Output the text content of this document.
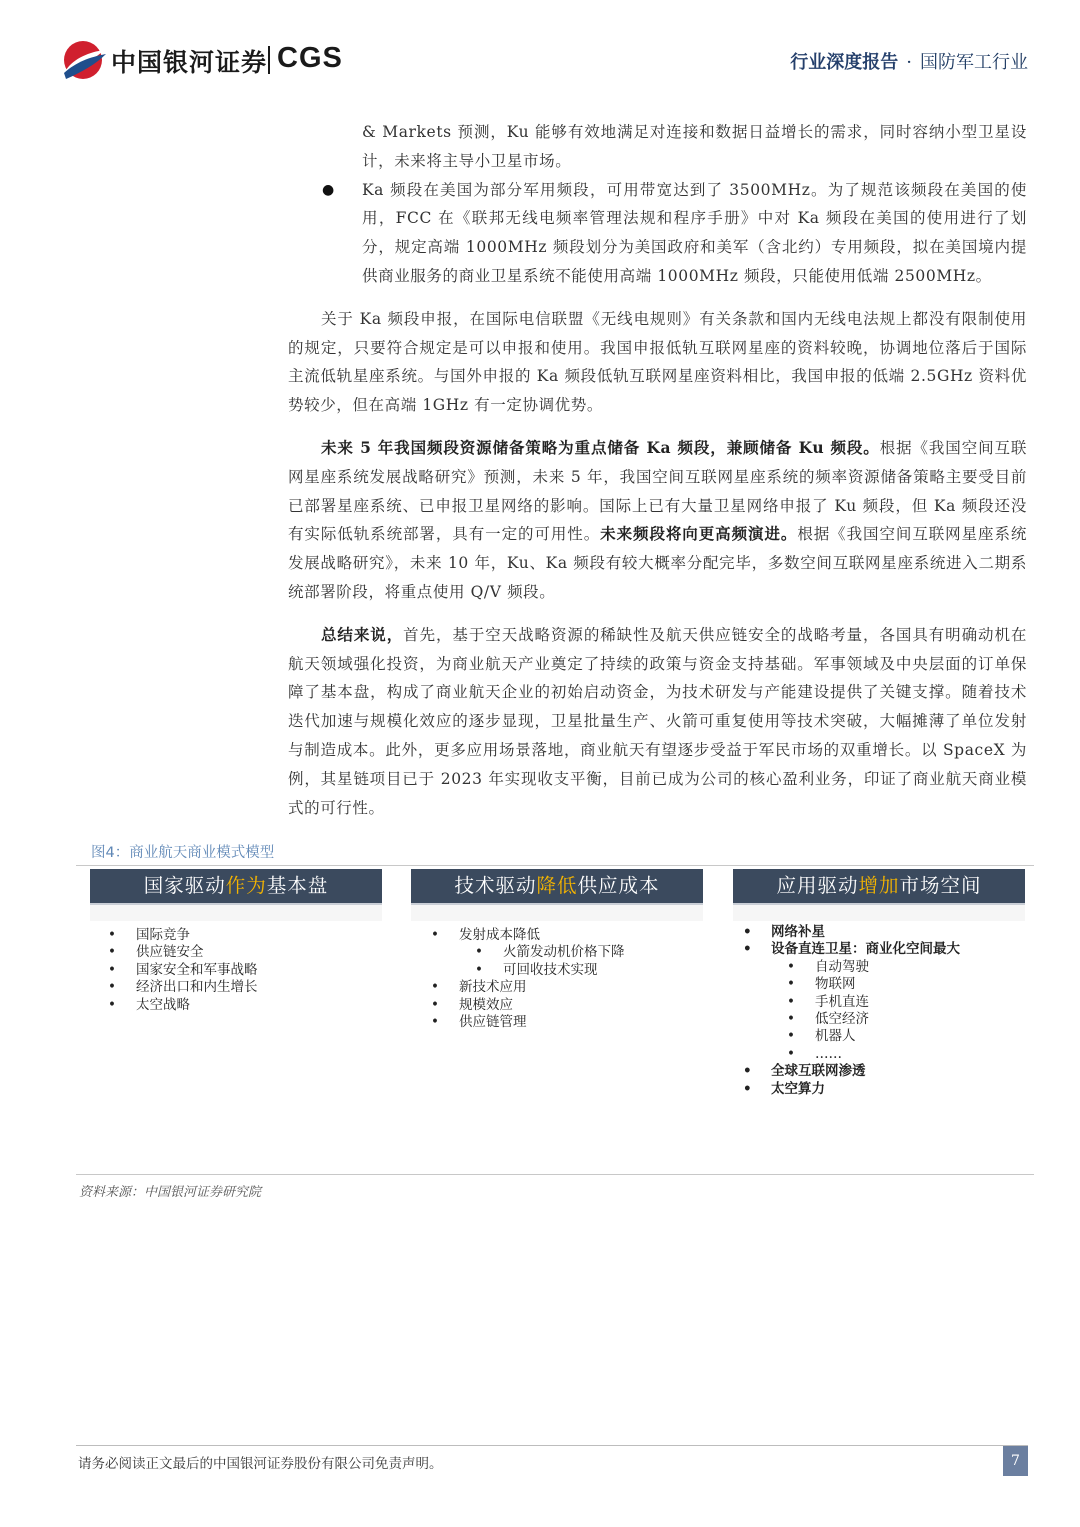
中国银河证券 CGS	行业深度报告 · 国防军工行业

& Markets 预测，Ku 能够有效地满足对连接和数据日益增长的需求，同时容纳小型卫星设计，未来将主导小卫星市场。

● Ka 频段在美国为部分军用频段，可用带宽达到了 3500MHz。为了规范该频段在美国的使用，FCC 在《联邦无线电频率管理法规和程序手册》中对 Ka 频段在美国的使用进行了划分，规定高端 1000MHz 频段划分为美国政府和美军（含北约）专用频段，拟在美国境内提供商业服务的商业卫星系统不能使用高端 1000MHz 频段，只能使用低端 2500MHz。

关于 Ka 频段申报，在国际电信联盟《无线电规则》有关条款和国内无线电法规上都没有限制使用的规定，只要符合规定是可以申报和使用。我国申报低轨互联网星座的资料较晚，协调地位落后于国际主流低轨星座系统。与国外申报的 Ka 频段低轨互联网星座资料相比，我国申报的低端 2.5GHz 资料优势较少，但在高端 1GHz 有一定协调优势。

未来 5 年我国频段资源储备策略为重点储备 Ka 频段，兼顾储备 Ku 频段。根据《我国空间互联网星座系统发展战略研究》预测，未来 5 年，我国空间互联网星座系统的频率资源储备策略主要受目前已部署星座系统、已申报卫星网络的影响。国际上已有大量卫星网络申报了 Ku 频段，但 Ka 频段还没有实际低轨系统部署，具有一定的可用性。未来频段将向更高频演进。根据《我国空间互联网星座系统发展战略研究》，未来 10 年，Ku、Ka 频段有较大概率分配完毕，多数空间互联网星座系统进入二期系统部署阶段，将重点使用 Q/V 频段。

总结来说，首先，基于空天战略资源的稀缺性及航天供应链安全的战略考量，各国具有明确动机在航天领域强化投资，为商业航天产业奠定了持续的政策与资金支持基础。军事领域及中央层面的订单保障了基本盘，构成了商业航天企业的初始启动资金，为技术研发与产能建设提供了关键支撑。随着技术迭代加速与规模化效应的逐步显现，卫星批量生产、火箭可重复使用等技术突破，大幅摊薄了单位发射与制造成本。此外，更多应用场景落地，商业航天有望逐步受益于军民市场的双重增长。以 SpaceX 为例，其星链项目已于 2023 年实现收支平衡，目前已成为公司的核心盈利业务，印证了商业航天商业模式的可行性。

图4：商业航天商业模式模型
国家驱动作为基本盘
• 国际竞争
• 供应链安全
• 国家安全和军事战略
• 经济出口和内生增长
• 太空战略
技术驱动降低供应成本
• 发射成本降低
• 火箭发动机价格下降
• 可回收技术实现
• 新技术应用
• 规模效应
• 供应链管理
应用驱动增加市场空间
• 网络补星
• 设备直连卫星：商业化空间最大
• 自动驾驶
• 物联网
• 手机直连
• 低空经济
• 机器人
• ……
• 全球互联网渗透
• 太空算力
资料来源：中国银河证券研究院
请务必阅读正文最后的中国银河证券股份有限公司免责声明。	7
